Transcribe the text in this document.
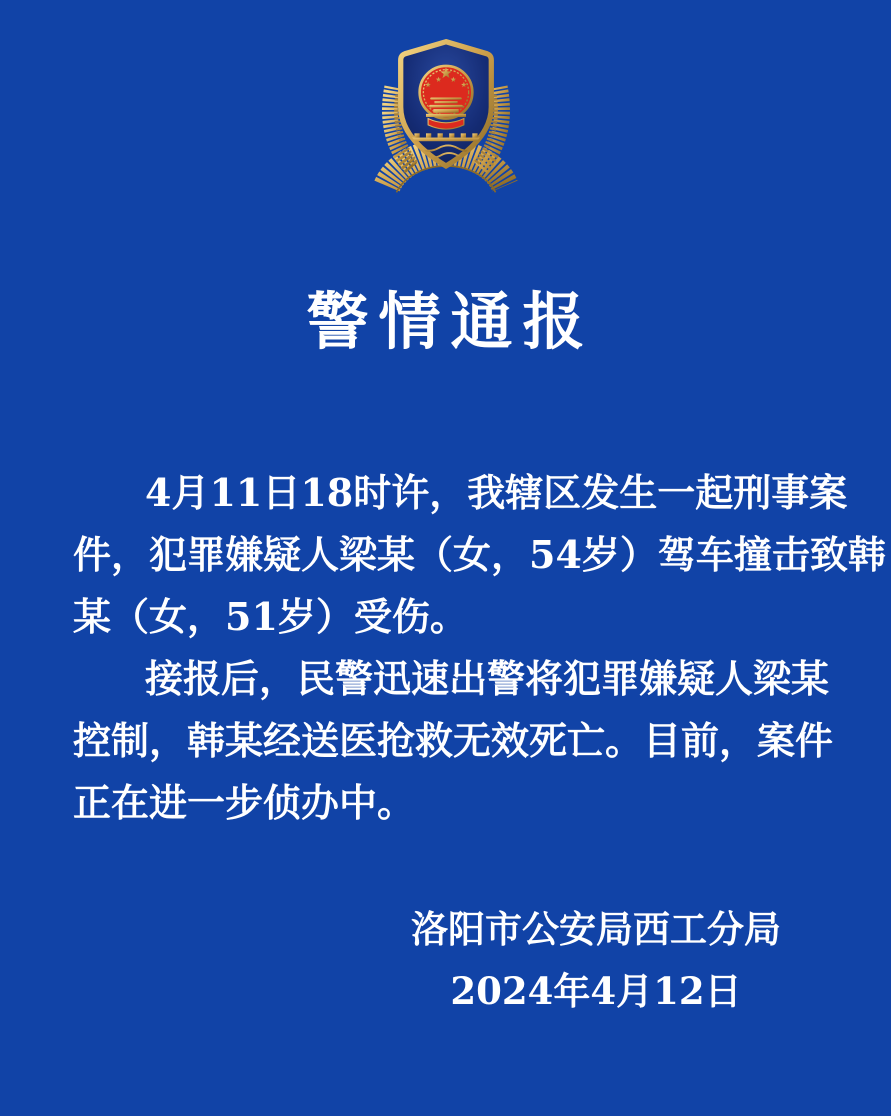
警情通报
4月11日18时许，我辖区发生一起刑事案
件，犯罪嫌疑人梁某（女，54岁）驾车撞击致韩
某（女，51岁）受伤。
接报后，民警迅速出警将犯罪嫌疑人梁某
控制，韩某经送医抢救无效死亡。目前，案件
正在进一步侦办中。
洛阳市公安局西工分局
2024年4月12日
